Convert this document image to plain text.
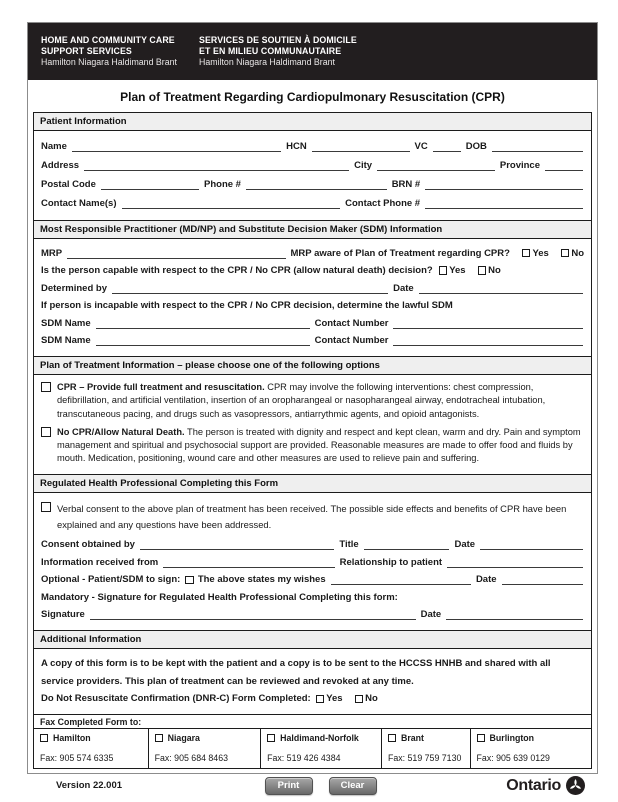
HOME AND COMMUNITY CARE
SUPPORT SERVICES
Hamilton Niagara Haldimand Brant
SERVICES DE SOUTIEN À DOMICILE
ET EN MILIEU COMMUNAUTAIRE
Hamilton Niagara Haldimand Brant
Plan of Treatment Regarding Cardiopulmonary Resuscitation (CPR)
Patient Information
Name	HCN	VC	DOB
Address	City	Province
Postal Code	Phone #	BRN #
Contact Name(s)	Contact Phone #
Most Responsible Practitioner (MD/NP) and Substitute Decision Maker (SDM) Information
MRP	MRP aware of Plan of Treatment regarding CPR? Yes No
Is the person capable with respect to the CPR / No CPR (allow natural death) decision? Yes No
Determined by	Date
If person is incapable with respect to the CPR / No CPR decision, determine the lawful SDM
SDM Name	Contact Number
SDM Name	Contact Number
Plan of Treatment Information – please choose one of the following options
CPR – Provide full treatment and resuscitation. CPR may involve the following interventions: chest compression, defibrillation, and artificial ventilation, insertion of an oropharangeal or nasopharangeal airway, endotracheal intubation, transcutaneous pacing, and drugs such as vasopressors, antiarrythmic agents, and opioid antagonists.
No CPR/Allow Natural Death. The person is treated with dignity and respect and kept clean, warm and dry. Pain and symptom management and spiritual and psychosocial support are provided. Reasonable measures are made to offer food and fluids by mouth. Medication, positioning, wound care and other measures are used to relieve pain and suffering.
Regulated Health Professional Completing this Form
Verbal consent to the above plan of treatment has been received. The possible side effects and benefits of CPR have been explained and any questions have been addressed.
Consent obtained by	Title	Date
Information received from	Relationship to patient
Optional - Patient/SDM to sign: The above states my wishes	Date
Mandatory - Signature for Regulated Health Professional Completing this form:
Signature	Date
Additional Information
A copy of this form is to be kept with the patient and a copy is to be sent to the HCCSS HNHB and shared with all service providers. This plan of treatment can be reviewed and revoked at any time.
Do Not Resuscitate Confirmation (DNR-C) Form Completed: Yes No
Fax Completed Form to:
Hamilton
Fax: 905 574 6335
Niagara
Fax: 905 684 8463
Haldimand-Norfolk
Fax: 519 426 4384
Brant
Fax: 519 759 7130
Burlington
Fax: 905 639 0129
Version 22.001	Print	Clear	Ontario
